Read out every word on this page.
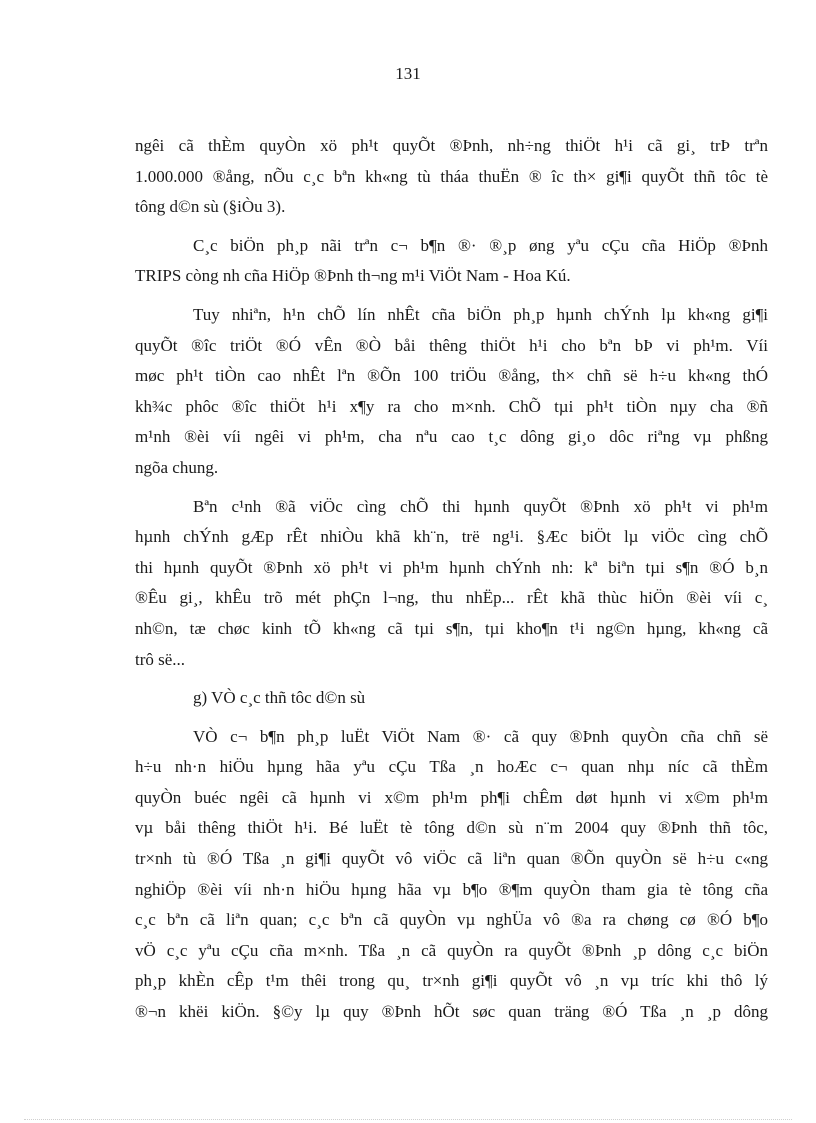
131
ngêi cã thÈm quyÒn xö ph¹t quyÕt ®Þnh, nh÷ng thiÖt h¹i cã gi¸ trÞ trªn
1.000.000 ®ång, nÕu c¸c bªn kh«ng tù tháa thuËn ® îc th× gi¶i quyÕt thñ tôc tè
tông d©n sù (§iÒu 3).
C¸c biÖn ph¸p nãi trªn c¬ b¶n ®· ®¸p øng yªu cÇu cña HiÖp ®Þnh
TRIPS còng nh cña HiÖp ®Þnh th¬ng m¹i ViÖt Nam - Hoa Kú.
Tuy nhiªn, h¹n chÕ lín nhÊt cña biÖn ph¸p hµnh chÝnh lµ kh«ng gi¶i
quyÕt ®îc triÖt ®Ó vÊn ®Ò båi thêng thiÖt h¹i cho bªn bÞ vi ph¹m. Víi
møc ph¹t tiÒn cao nhÊt lªn ®Õn 100 triÖu ®ång, th× chñ së h÷u kh«ng thÓ
kh¾c phôc ®îc thiÖt h¹i x¶y ra cho m×nh. ChÕ tµi ph¹t tiÒn nµy cha ®ñ
m¹nh ®èi víi ngêi vi ph¹m, cha nªu cao t¸c dông gi¸o dôc riªng vµ phßng
ngõa chung.
Bªn c¹nh ®ã viÖc cìng chÕ thi hµnh quyÕt ®Þnh xö ph¹t vi ph¹m
hµnh chÝnh gÆp rÊt nhiÒu khã kh¨n, trë ng¹i. §Æc biÖt lµ viÖc cìng chÕ
thi hµnh quyÕt ®Þnh xö ph¹t vi ph¹m hµnh chÝnh nh: kª biªn tµi s¶n ®Ó b¸n
®Êu gi¸, khÊu trõ mét phÇn l¬ng, thu nhËp... rÊt khã thùc hiÖn ®èi víi c¸
nh©n, tæ chøc kinh tÕ kh«ng cã tµi s¶n, tµi kho¶n t¹i ng©n hµng, kh«ng cã
trô së...
g) VÒ c¸c thñ tôc d©n sù
VÒ c¬ b¶n ph¸p luËt ViÖt Nam ®· cã quy ®Þnh quyÒn cña chñ së
h÷u nh·n hiÖu hµng hãa yªu cÇu Tßa ¸n hoÆc c¬ quan nhµ níc cã thÈm
quyÒn buéc ngêi cã hµnh vi x©m ph¹m ph¶i chÊm døt hµnh vi x©m ph¹m
vµ båi thêng thiÖt h¹i. Bé luËt tè tông d©n sù n¨m 2004 quy ®Þnh thñ tôc,
tr×nh tù ®Ó Tßa ¸n gi¶i quyÕt vô viÖc cã liªn quan ®Õn quyÒn së h÷u c«ng
nghiÖp ®èi víi nh·n hiÖu hµng hãa vµ b¶o ®¶m quyÒn tham gia tè tông cña
c¸c bªn cã liªn quan; c¸c bªn cã quyÒn vµ nghÜa vô ®a ra chøng cø ®Ó b¶o
vÖ c¸c yªu cÇu cña m×nh. Tßa ¸n cã quyÒn ra quyÕt ®Þnh ¸p dông c¸c biÖn
ph¸p khÈn cÊp t¹m thêi trong qu¸ tr×nh gi¶i quyÕt vô ¸n vµ tríc khi thô lý
®¬n khëi kiÖn. §©y lµ quy ®Þnh hÕt søc quan träng ®Ó Tßa ¸n ¸p dông
